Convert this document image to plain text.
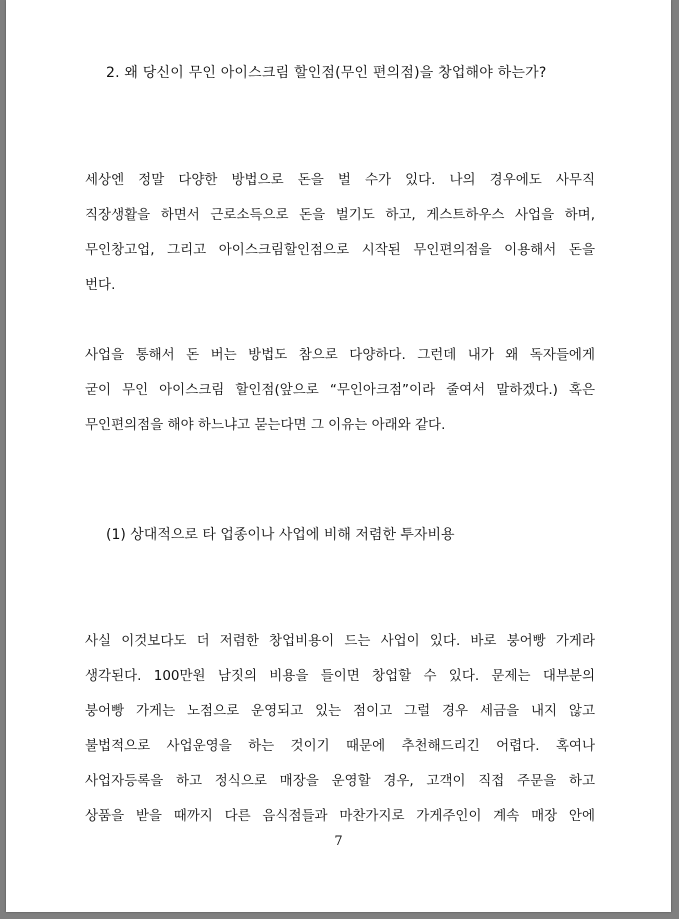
2. 왜 당신이 무인 아이스크림 할인점(무인 편의점)을 창업해야 하는가?
세상엔 정말 다양한 방법으로 돈을 벌 수가 있다. 나의 경우에도 사무직
직장생활을 하면서 근로소득으로 돈을 벌기도 하고, 게스트하우스 사업을 하며,
무인창고업, 그리고 아이스크림할인점으로 시작된 무인편의점을 이용해서 돈을
번다.
사업을 통해서 돈 버는 방법도 참으로 다양하다. 그런데 내가 왜 독자들에게
굳이 무인 아이스크림 할인점(앞으로 “무인아크점”이라 줄여서 말하겠다.) 혹은
무인편의점을 해야 하느냐고 묻는다면 그 이유는 아래와 같다.
(1) 상대적으로 타 업종이나 사업에 비해 저렴한 투자비용
사실 이것보다도 더 저렴한 창업비용이 드는 사업이 있다. 바로 붕어빵 가게라
생각된다. 100만원 남짓의 비용을 들이면 창업할 수 있다. 문제는 대부분의
붕어빵 가게는 노점으로 운영되고 있는 점이고 그럴 경우 세금을 내지 않고
불법적으로 사업운영을 하는 것이기 때문에 추천해드리긴 어렵다. 혹여나
사업자등록을 하고 정식으로 매장을 운영할 경우, 고객이 직접 주문을 하고
상품을 받을 때까지 다른 음식점들과 마찬가지로 가게주인이 계속 매장 안에
7
